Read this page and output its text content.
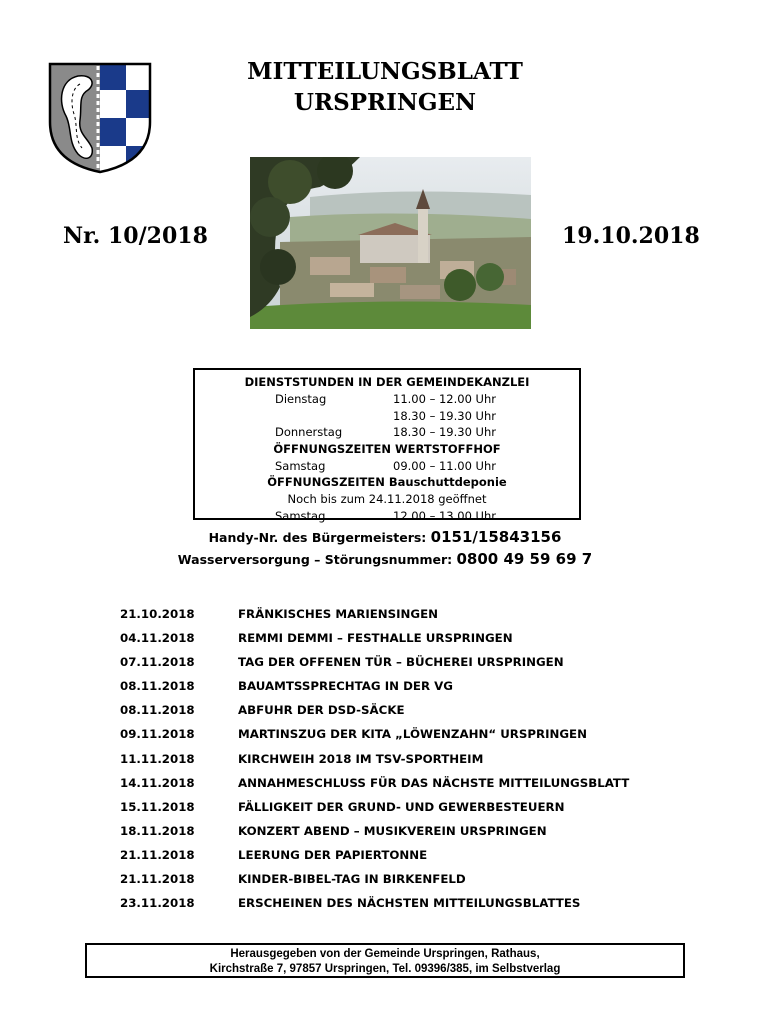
MITTEILUNGSBLATT
URSPRINGEN
Nr. 10/2018	19.10.2018
DIENSTSTUNDEN IN DER GEMEINDEKANZLEI
Dienstag	11.00 – 12.00 Uhr
18.30 – 19.30 Uhr
Donnerstag	18.30 – 19.30 Uhr
ÖFFNUNGSZEITEN WERTSTOFFHOF
Samstag	09.00 – 11.00 Uhr
ÖFFNUNGSZEITEN Bauschuttdeponie
Noch bis zum 24.11.2018 geöffnet
Samstag	12.00 – 13.00 Uhr
Handy-Nr. des Bürgermeisters: 0151/15843156
Wasserversorgung – Störungsnummer: 0800 49 59 69 7
21.10.2018	FRÄNKISCHES MARIENSINGEN
04.11.2018	REMMI DEMMI – FESTHALLE URSPRINGEN
07.11.2018	TAG DER OFFENEN TÜR – BÜCHEREI URSPRINGEN
08.11.2018	BAUAMTSSPRECHTAG IN DER VG
08.11.2018	ABFUHR DER DSD-SÄCKE
09.11.2018	MARTINSZUG DER KITA „LÖWENZAHN“ URSPRINGEN
11.11.2018	KIRCHWEIH 2018 IM TSV-SPORTHEIM
14.11.2018	ANNAHMESCHLUSS FÜR DAS NÄCHSTE MITTEILUNGSBLATT
15.11.2018	FÄLLIGKEIT DER GRUND- UND GEWERBESTEUERN
18.11.2018	KONZERT ABEND – MUSIKVEREIN URSPRINGEN
21.11.2018	LEERUNG DER PAPIERTONNE
21.11.2018	KINDER-BIBEL-TAG IN BIRKENFELD
23.11.2018	ERSCHEINEN DES NÄCHSTEN MITTEILUNGSBLATTES
Herausgegeben von der Gemeinde Urspringen, Rathaus,
Kirchstraße 7, 97857 Urspringen, Tel. 09396/385, im Selbstverlag
